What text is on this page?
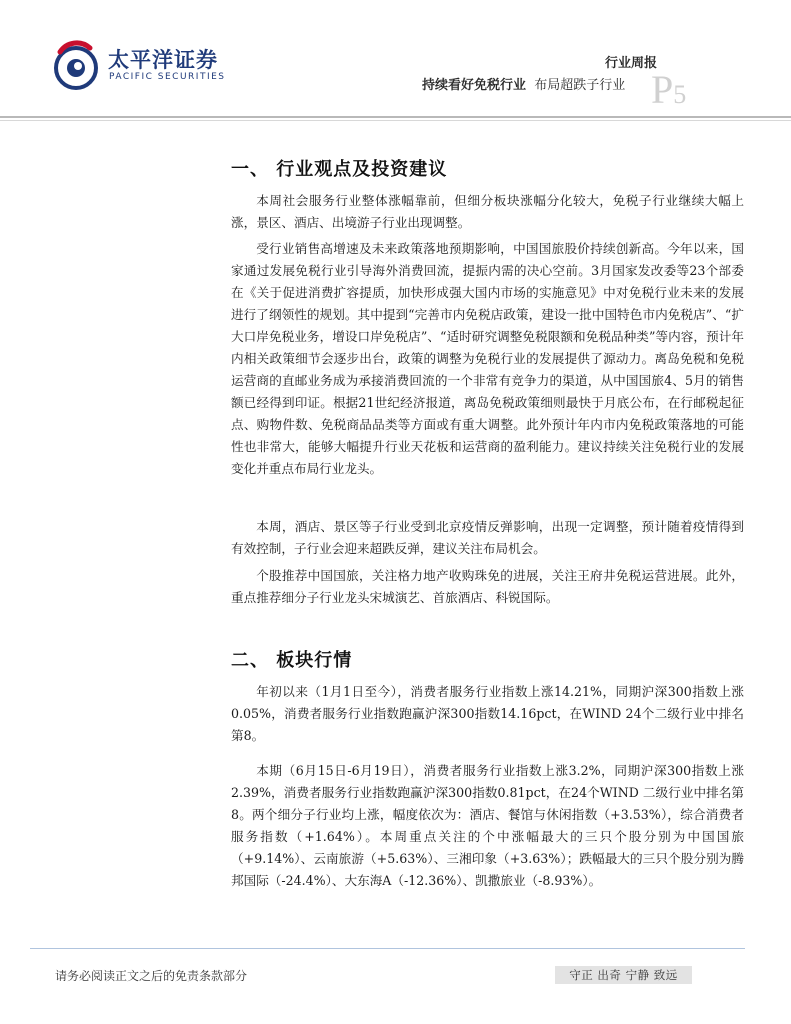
太平洋证券
PACIFIC SECURITIES
行业周报
持续看好免税行业 布局超跌子行业 P5
一、 行业观点及投资建议

本周社会服务行业整体涨幅靠前，但细分板块涨幅分化较大，免税子行业继续大幅上涨，景区、酒店、出境游子行业出现调整。

受行业销售高增速及未来政策落地预期影响，中国国旅股价持续创新高。今年以来，国家通过发展免税行业引导海外消费回流，提振内需的决心空前。3月国家发改委等23个部委在《关于促进消费扩容提质，加快形成强大国内市场的实施意见》中对免税行业未来的发展进行了纲领性的规划。其中提到“完善市内免税店政策，建设一批中国特色市内免税店”、“扩大口岸免税业务，增设口岸免税店”、“适时研究调整免税限额和免税品种类”等内容，预计年内相关政策细节会逐步出台，政策的调整为免税行业的发展提供了源动力。离岛免税和免税运营商的直邮业务成为承接消费回流的一个非常有竞争力的渠道，从中国国旅4、5月的销售额已经得到印证。根据21世纪经济报道，离岛免税政策细则最快于月底公布，在行邮税起征点、购物件数、免税商品品类等方面或有重大调整。此外预计年内市内免税政策落地的可能性也非常大，能够大幅提升行业天花板和运营商的盈利能力。建议持续关注免税行业的发展变化并重点布局行业龙头。

本周，酒店、景区等子行业受到北京疫情反弹影响，出现一定调整，预计随着疫情得到有效控制，子行业会迎来超跌反弹，建议关注布局机会。

个股推荐中国国旅，关注格力地产收购珠免的进展，关注王府井免税运营进展。此外，重点推荐细分子行业龙头宋城演艺、首旅酒店、科锐国际。

二、 板块行情

年初以来（1月1日至今），消费者服务行业指数上涨14.21%，同期沪深300指数上涨0.05%，消费者服务行业指数跑赢沪深300指数14.16pct，在WIND 24个二级行业中排名第8。

本期（6月15日-6月19日），消费者服务行业指数上涨3.2%，同期沪深300指数上涨2.39%，消费者服务行业指数跑赢沪深300指数0.81pct，在24个WIND 二级行业中排名第8。两个细分子行业均上涨，幅度依次为：酒店、餐馆与休闲指数（+3.53%），综合消费者服务指数（+1.64%）。本周重点关注的个中涨幅最大的三只个股分别为中国国旅（+9.14%）、云南旅游（+5.63%）、三湘印象（+3.63%）；跌幅最大的三只个股分别为腾邦国际（-24.4%）、大东海A（-12.36%）、凯撒旅业（-8.93%）。

请务必阅读正文之后的免责条款部分	守正 出奇 宁静 致远
